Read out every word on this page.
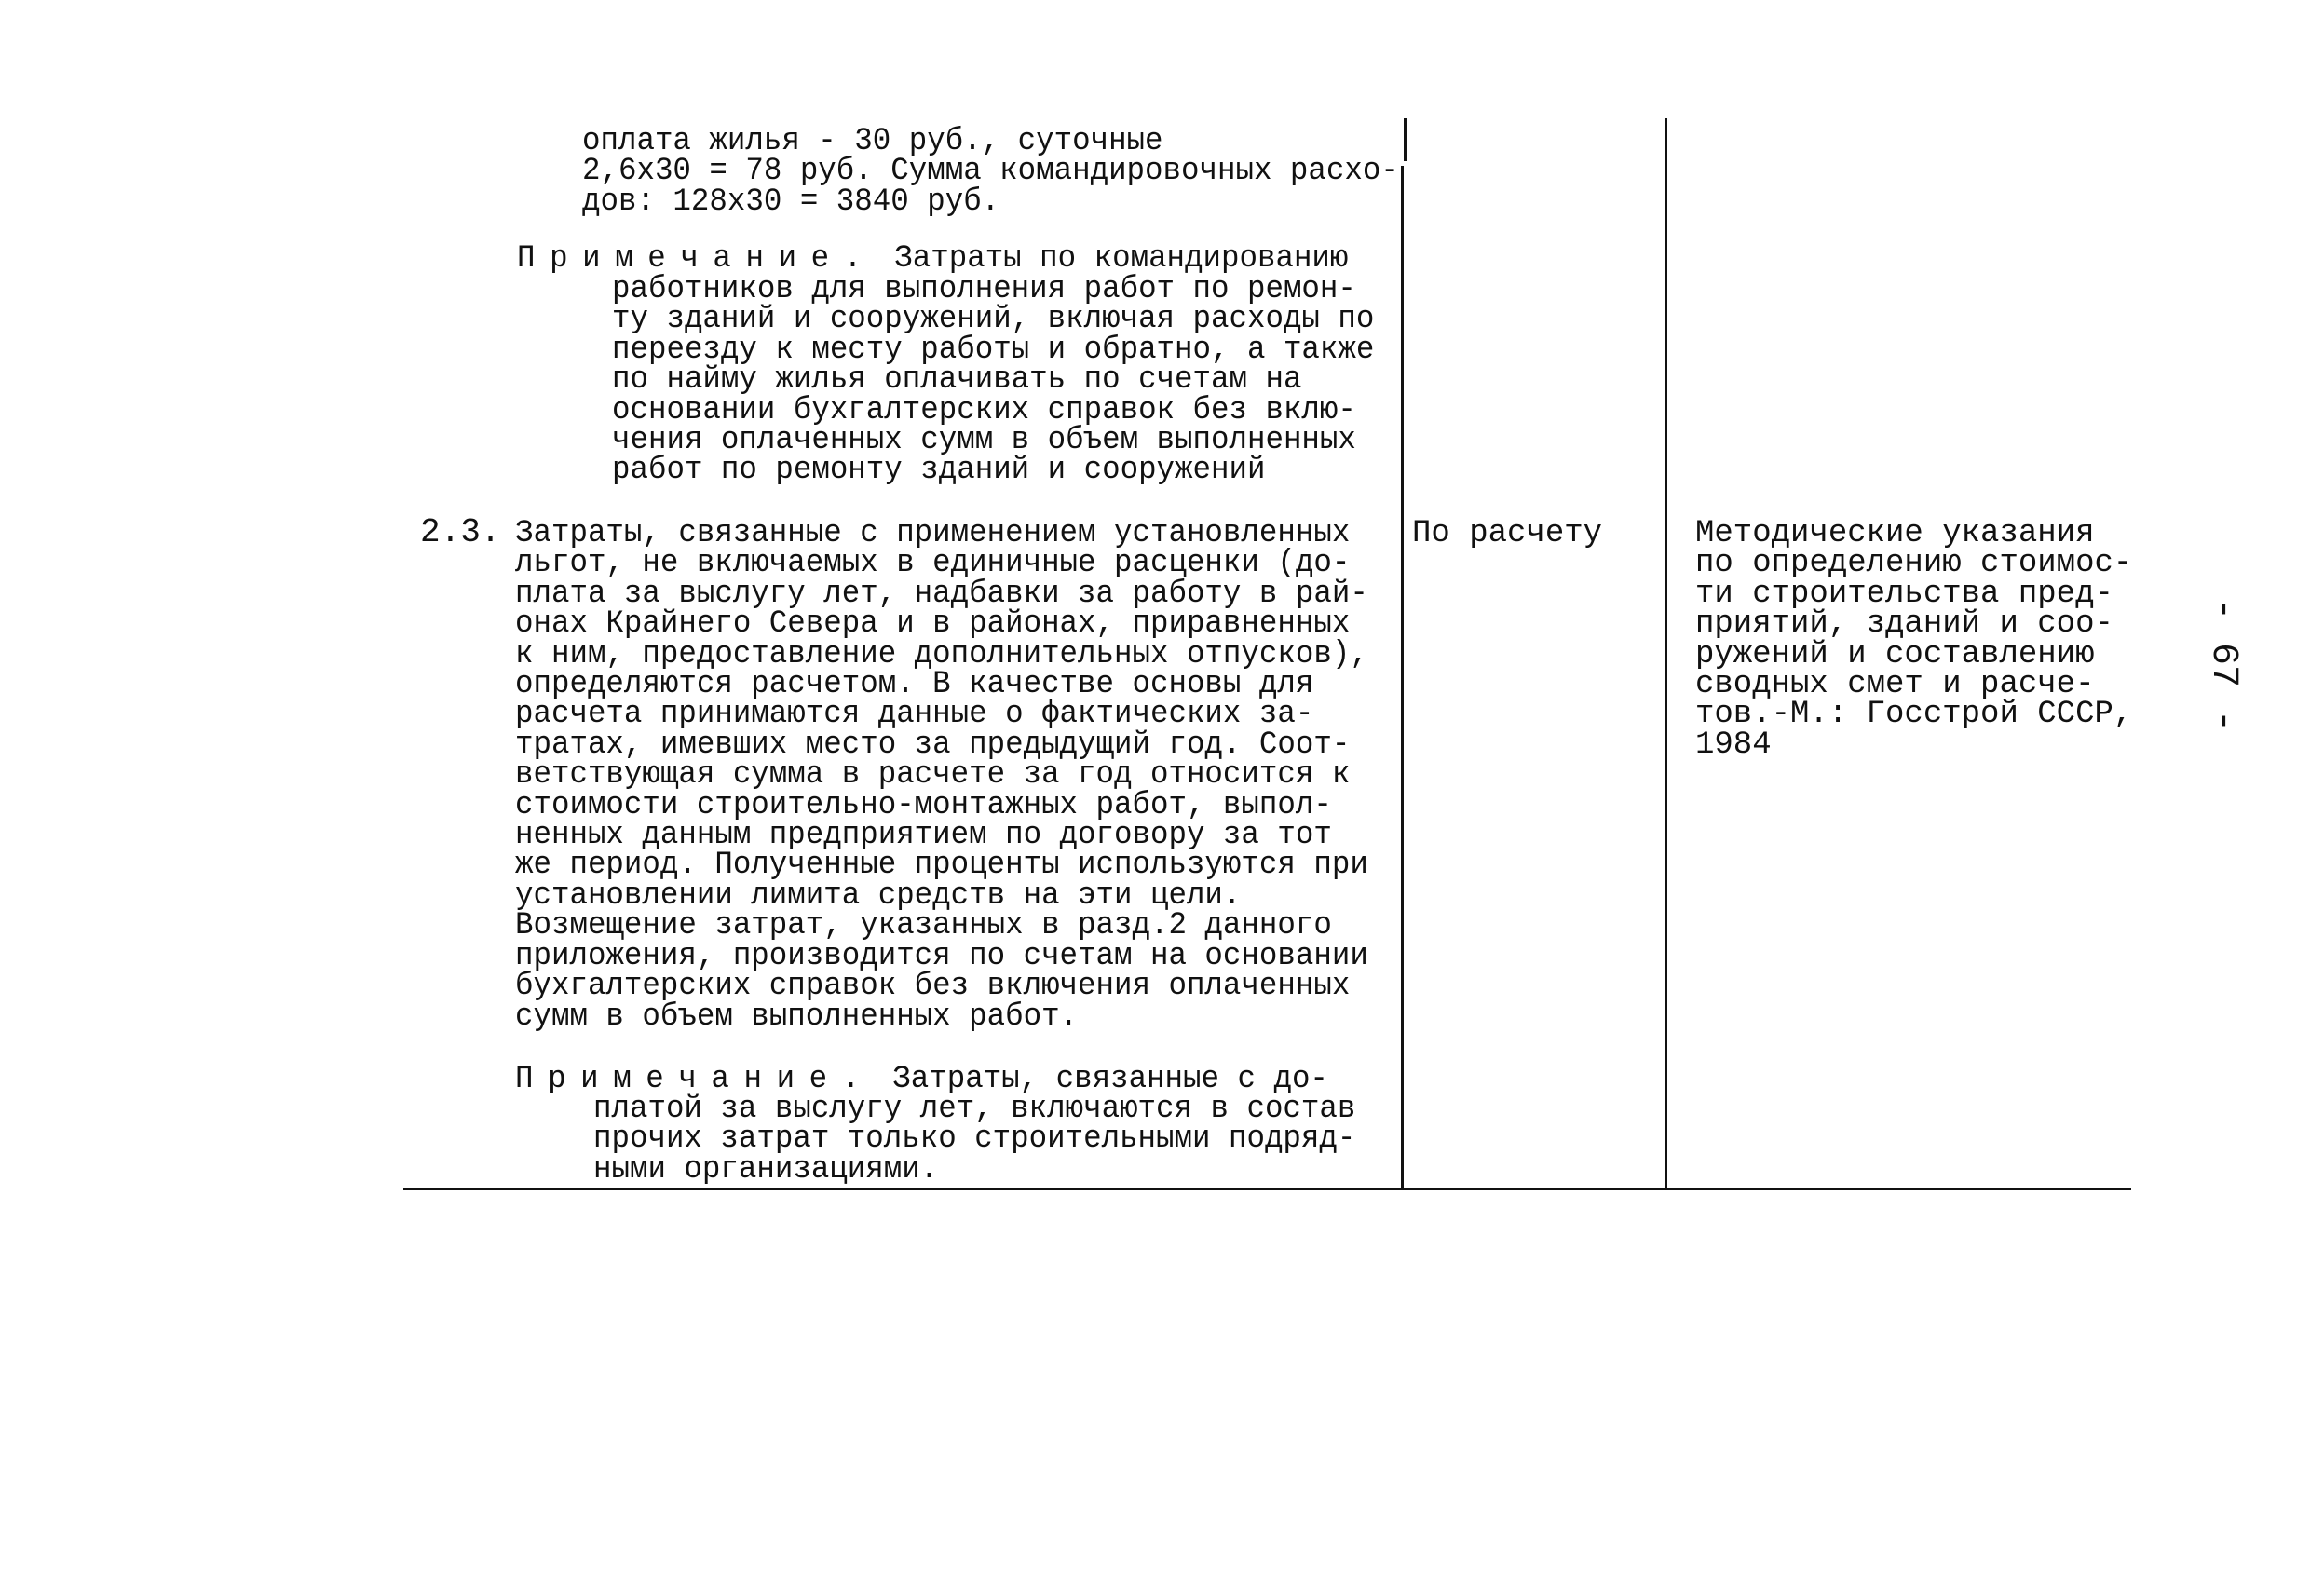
оплата жилья - 30 руб., суточные
2,6х30 = 78 руб. Сумма командировочных расхо-
дов: 128х30 = 3840 руб.
Примечание. Затраты по командированию
работников для выполнения работ по ремон-
ту зданий и сооружений, включая расходы по
переезду к месту работы и обратно, а также
по найму жилья оплачивать по счетам на
основании бухгалтерских справок без вклю-
чения оплаченных сумм в объем выполненных
работ по ремонту зданий и сооружений
2.3. Затраты, связанные с применением установленных
льгот, не включаемых в единичные расценки (до-
плата за выслугу лет, надбавки за работу в рай-
онах Крайнего Севера и в районах, приравненных
к ним, предоставление дополнительных отпусков),
определяются расчетом. В качестве основы для
расчета принимаются данные о фактических за-
тратах, имевших место за предыдущий год. Соот-
ветствующая сумма в расчете за год относится к
стоимости строительно-монтажных работ, выпол-
ненных данным предприятием по договору за тот
же период. Полученные проценты используются при
установлении лимита средств на эти цели.
Возмещение затрат, указанных в разд.2 данного
приложения, производится по счетам на основании
бухгалтерских справок без включения оплаченных
сумм в объем выполненных работ.
По расчету	Методические указания
по определению стоимос-
ти строительства пред-
приятий, зданий и соо-
ружений и составлению
сводных смет и расче-
тов.-М.: Госстрой СССР,
1984
Примечание. Затраты, связанные с до-
платой за выслугу лет, включаются в состав
прочих затрат только строительными подряд-
ными организациями.
- 67 -
